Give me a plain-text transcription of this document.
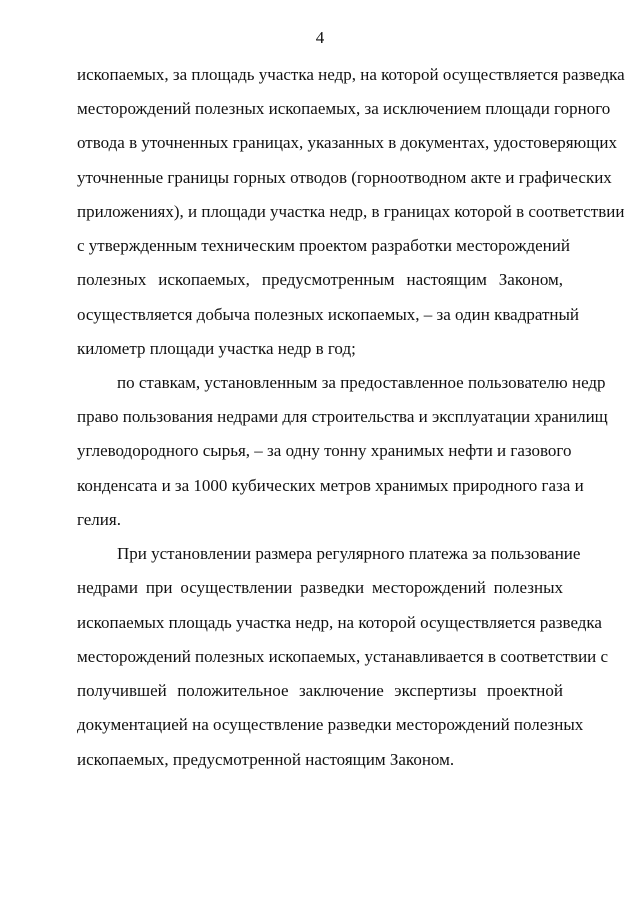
4
ископаемых, за площадь участка недр, на которой осуществляется разведка
месторождений полезных ископаемых, за исключением площади горного
отвода в уточненных границах, указанных в документах, удостоверяющих
уточненные границы горных отводов (горноотводном акте и графических
приложениях), и площади участка недр, в границах которой в соответствии
с утвержденным техническим проектом разработки месторождений
полезных ископаемых, предусмотренным настоящим Законом,
осуществляется добыча полезных ископаемых, – за один квадратный
километр площади участка недр в год;
по ставкам, установленным за предоставленное пользователю недр
право пользования недрами для строительства и эксплуатации хранилищ
углеводородного сырья, – за одну тонну хранимых нефти и газового
конденсата и за 1000 кубических метров хранимых природного газа и
гелия.
При установлении размера регулярного платежа за пользование
недрами при осуществлении разведки месторождений полезных
ископаемых площадь участка недр, на которой осуществляется разведка
месторождений полезных ископаемых, устанавливается в соответствии с
получившей положительное заключение экспертизы проектной
документацией на осуществление разведки месторождений полезных
ископаемых, предусмотренной настоящим Законом.
